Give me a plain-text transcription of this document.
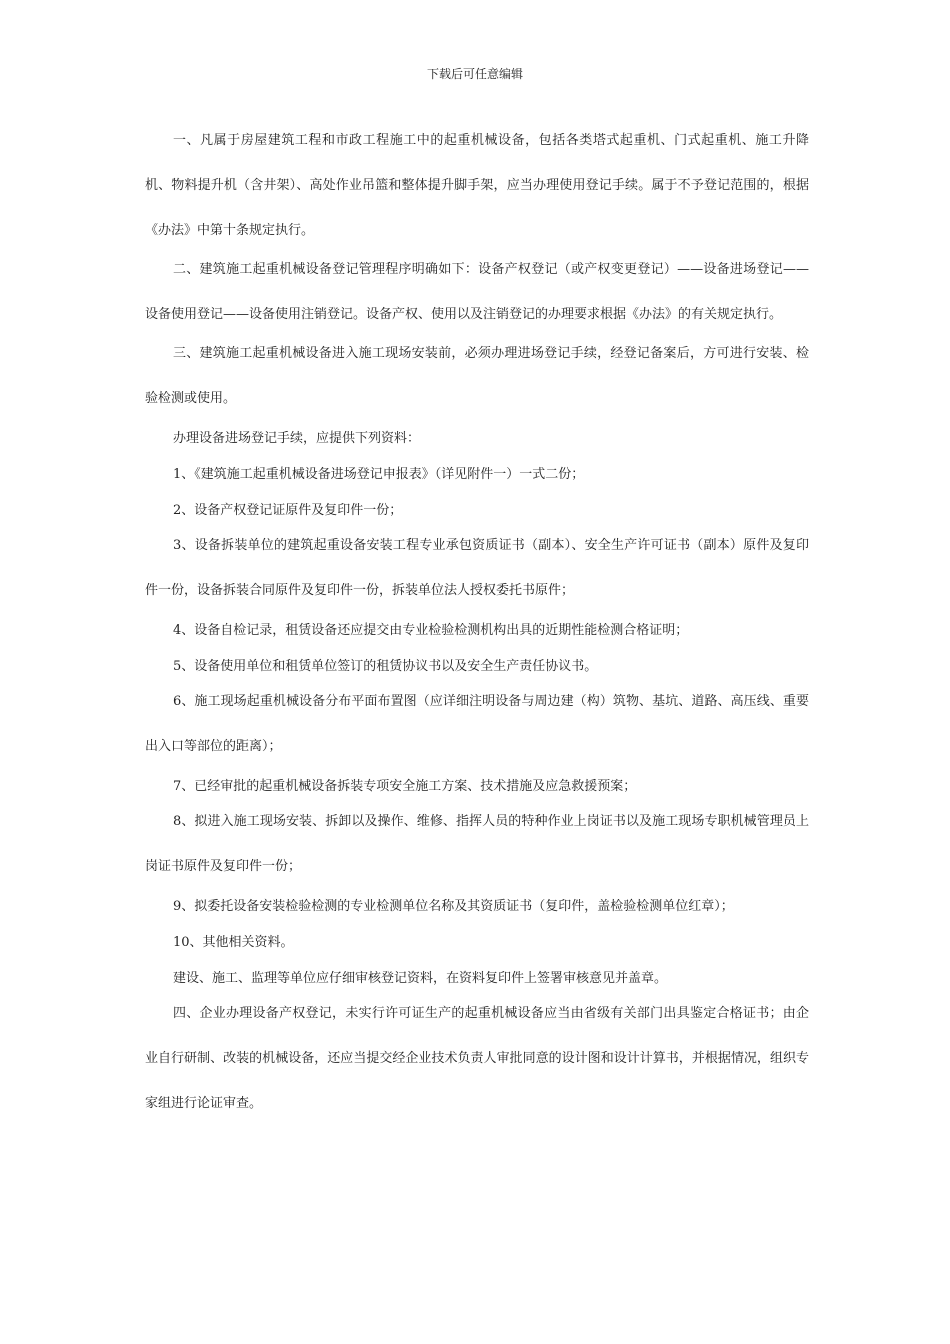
下载后可任意编辑

一、凡属于房屋建筑工程和市政工程施工中的起重机械设备，包括各类塔式起重机、门式起重机、施工升降机、物料提升机（含井架）、高处作业吊篮和整体提升脚手架，应当办理使用登记手续。属于不予登记范围的，根据《办法》中第十条规定执行。

二、建筑施工起重机械设备登记管理程序明确如下：设备产权登记（或产权变更登记）——设备进场登记——设备使用登记——设备使用注销登记。设备产权、使用以及注销登记的办理要求根据《办法》的有关规定执行。

三、建筑施工起重机械设备进入施工现场安装前，必须办理进场登记手续，经登记备案后，方可进行安装、检验检测或使用。

办理设备进场登记手续，应提供下列资料：

1、《建筑施工起重机械设备进场登记申报表》（详见附件一）一式二份；

2、设备产权登记证原件及复印件一份；

3、设备拆装单位的建筑起重设备安装工程专业承包资质证书（副本）、安全生产许可证书（副本）原件及复印件一份，设备拆装合同原件及复印件一份，拆装单位法人授权委托书原件；

4、设备自检记录，租赁设备还应提交由专业检验检测机构出具的近期性能检测合格证明；

5、设备使用单位和租赁单位签订的租赁协议书以及安全生产责任协议书。

6、施工现场起重机械设备分布平面布置图（应详细注明设备与周边建（构）筑物、基坑、道路、高压线、重要出入口等部位的距离）；

7、已经审批的起重机械设备拆装专项安全施工方案、技术措施及应急救援预案；

8、拟进入施工现场安装、拆卸以及操作、维修、指挥人员的特种作业上岗证书以及施工现场专职机械管理员上岗证书原件及复印件一份；

9、拟委托设备安装检验检测的专业检测单位名称及其资质证书（复印件，盖检验检测单位红章）；

10、其他相关资料。

建设、施工、监理等单位应仔细审核登记资料，在资料复印件上签署审核意见并盖章。

四、企业办理设备产权登记，未实行许可证生产的起重机械设备应当由省级有关部门出具鉴定合格证书；由企业自行研制、改装的机械设备，还应当提交经企业技术负责人审批同意的设计图和设计计算书，并根据情况，组织专家组进行论证审查。
